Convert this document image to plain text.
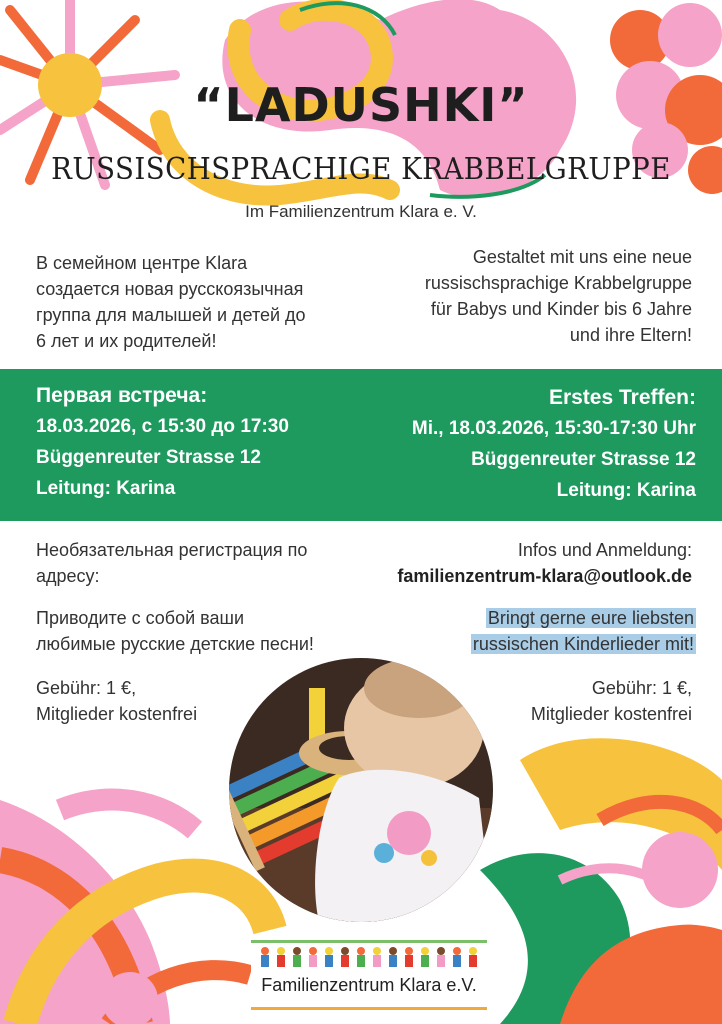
“LADUSHKI”
RUSSISCHSPRACHIGE KRABBELGRUPPE
Im Familienzentrum Klara e. V.
В семейном центре Klara
создается новая русскоязычная
группа для малышей и детей до
6 лет и их родителей!
Gestaltet mit uns eine neue
russischsprachige Krabbelgruppe
für Babys und Kinder bis 6 Jahre
und ihre Eltern!
Первая встреча:
18.03.2026, с 15:30 до 17:30
Büggenreuter Strasse 12
Leitung: Karina
Erstes Treffen:
Mi., 18.03.2026, 15:30-17:30 Uhr
Büggenreuter Strasse 12
Leitung: Karina
Необязательная регистрация по
адресу:
Infos und Anmeldung:
familienzentrum-klara@outlook.de
Приводите с собой ваши
любимые русские детские песни!
Bringt gerne eure liebsten
russischen Kinderlieder mit!
Gebühr: 1 €,
Mitglieder kostenfrei
Gebühr: 1 €,
Mitglieder kostenfrei
Familienzentrum Klara e.V.
